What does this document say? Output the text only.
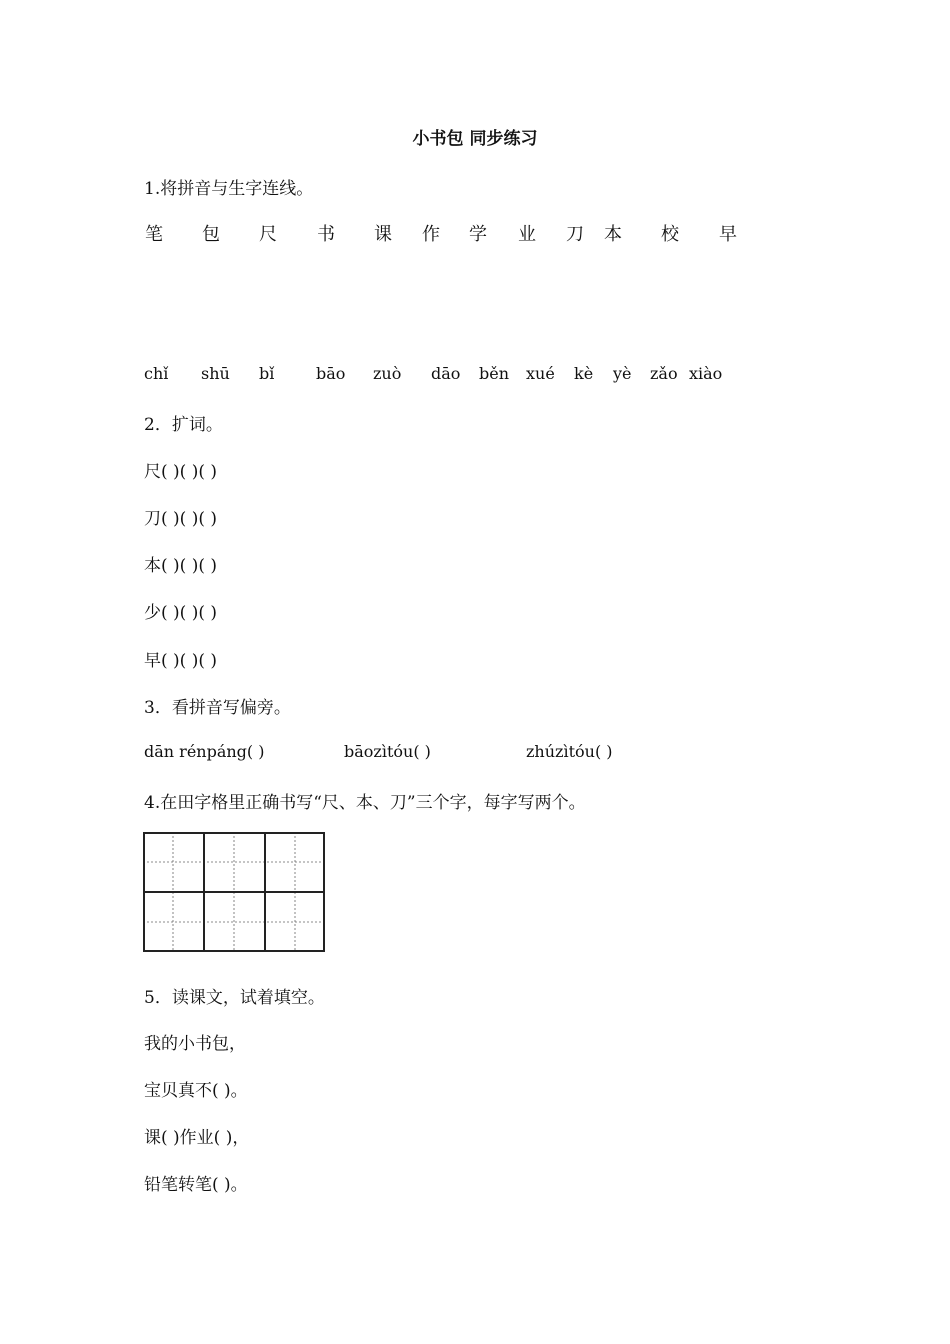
小书包 同步练习
1.将拼音与生字连线。
笔 包 尺 书 课 作 学 业 刀 本 校 早
chǐ shū bǐ	bāo zuò dāo běn xué kè yè zǎo xiào
2．扩词。
尺( )( )( )
刀( )( )( )
本( )( )( )
少( )( )( )
早( )( )( )
3．看拼音写偏旁。
dān rénpáng( )	bāozìtóu( )	zhúzìtóu( )
4.在田字格里正确书写“尺、本、刀”三个字，每字写两个。
5．读课文，试着填空。
我的小书包，
宝贝真不( )。
课( )作业( )，
铅笔转笔( )。
